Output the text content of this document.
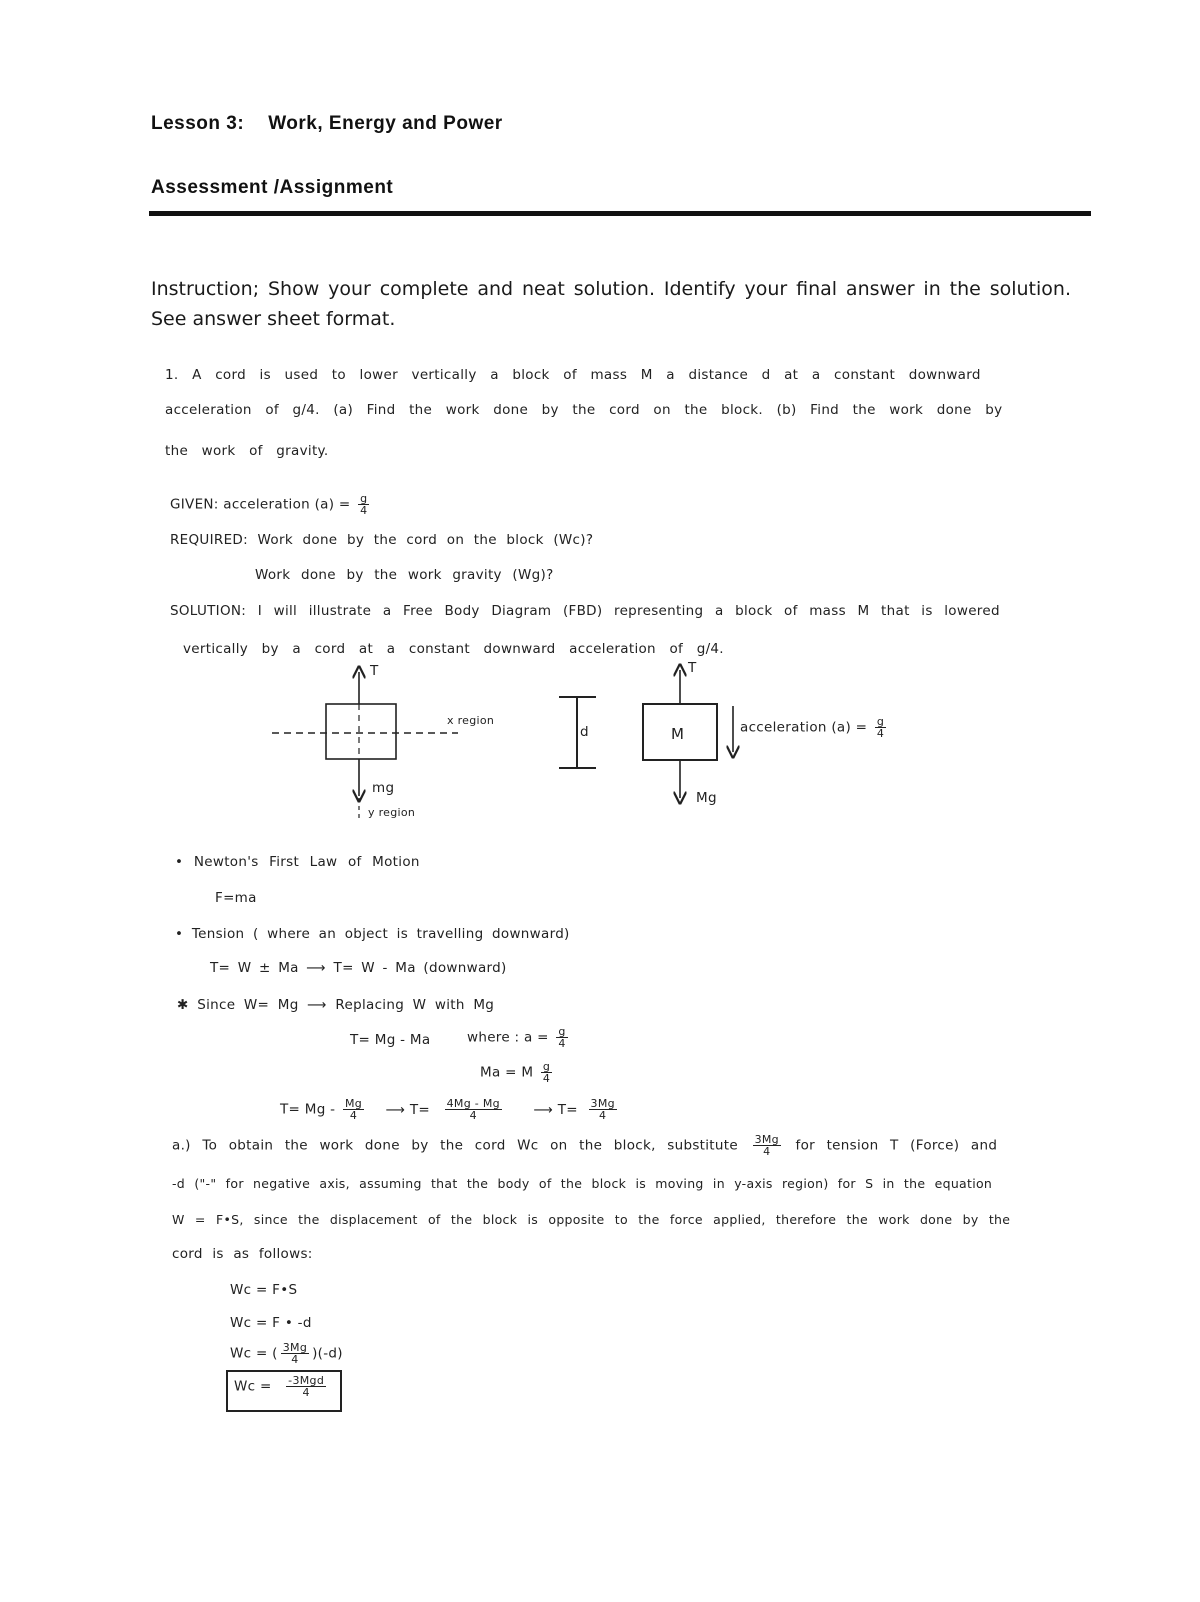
Lesson 3: Work, Energy and Power
Assessment /Assignment
Instruction; Show your complete and neat solution. Identify your final answer in the solution. See answer sheet format.
1. A cord is used to lower vertically a block of mass M a distance d at a constant downward
acceleration of g/4. (a) Find the work done by the cord on the block. (b) Find the work done by
the work of gravity.
GIVEN: acceleration $(a) = \frac{g}{4}$
REQUIRED: Work done by the cord on the block (Wc)?
Work done by the work gravity (Wg)?
SOLUTION: I will illustrate a Free Body Diagram (FBD) representing a block of mass M that is lowered
vertically by a cord at a constant downward acceleration of g/4.
T
x region
mg
y region
d	M
T
Mg
acceleration $(a) = \frac{g}{4}$
• Newton's First Law of Motion
F=ma
• Tension ( where an object is travelling downward)
T= W ± Ma ⟶ T= W - Ma (downward)
✱ Since W= Mg ⟶ Replacing W with Mg
T= Mg - Ma	where : $a = \frac{g}{4}$
Ma = M $\frac{g}{4}$
$T= Mg - \frac{Mg}{4}$ ⟶ $T= \frac{4Mg - Mg}{4}$ ⟶ $T= \frac{3Mg}{4}$
a.) To obtain the work done by the cord Wc on the block, substitute $\frac{3Mg}{4}$ for tension T (Force) and
-d ("-" for negative axis, assuming that the body of the block is moving in y-axis region) for S in the equation
W = F•S, since the displacement of the block is opposite to the force applied, therefore the work done by the
cord is as follows:
Wc = F•S
Wc = F • -d
Wc = ( $\frac{3Mg}{4} )(-d)$
$Wc = \frac{\text{-3Mgd}}{4}$
